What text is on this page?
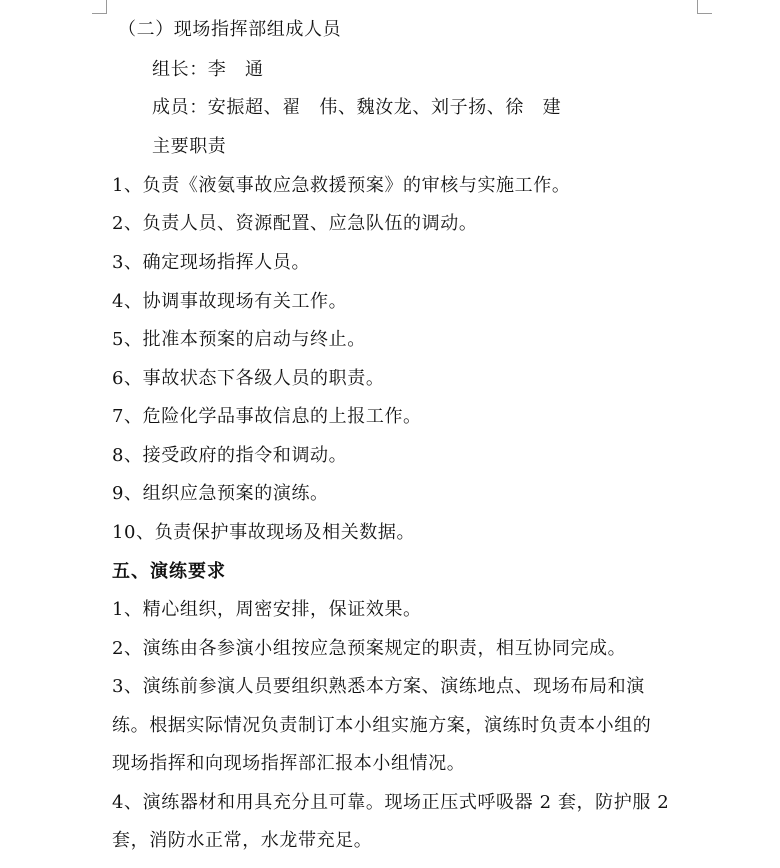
（二）现场指挥部组成人员
组长：李　通
成员：安振超、翟　伟、魏汝龙、刘子扬、徐　建
主要职责
1、负责《液氨事故应急救援预案》的审核与实施工作。
2、负责人员、资源配置、应急队伍的调动。
3、确定现场指挥人员。
4、协调事故现场有关工作。
5、批准本预案的启动与终止。
6、事故状态下各级人员的职责。
7、危险化学品事故信息的上报工作。
8、接受政府的指令和调动。
9、组织应急预案的演练。
10、负责保护事故现场及相关数据。
五、演练要求
1、精心组织，周密安排，保证效果。
2、演练由各参演小组按应急预案规定的职责，相互协同完成。
3、演练前参演人员要组织熟悉本方案、演练地点、现场布局和演
练。根据实际情况负责制订本小组实施方案，演练时负责本小组的
现场指挥和向现场指挥部汇报本小组情况。
4、演练器材和用具充分且可靠。现场正压式呼吸器 2 套，防护服 2
套，消防水正常，水龙带充足。
